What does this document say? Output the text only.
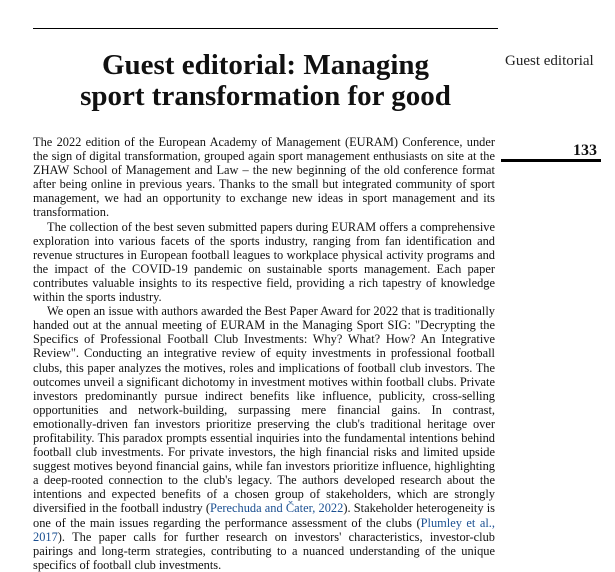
Guest editorial: Managing
sport transformation for good
Guest editorial
133

The 2022 edition of the European Academy of Management (EURAM) Conference, under the sign of digital transformation, grouped again sport management enthusiasts on site at the ZHAW School of Management and Law – the new beginning of the old conference format after being online in previous years. Thanks to the small but integrated community of sport management, we had an opportunity to exchange new ideas in sport management and its transformation.

The collection of the best seven submitted papers during EURAM offers a comprehensive exploration into various facets of the sports industry, ranging from fan identification and revenue structures in European football leagues to workplace physical activity programs and the impact of the COVID-19 pandemic on sustainable sports management. Each paper contributes valuable insights to its respective field, providing a rich tapestry of knowledge within the sports industry.

We open an issue with authors awarded the Best Paper Award for 2022 that is traditionally handed out at the annual meeting of EURAM in the Managing Sport SIG: "Decrypting the Specifics of Professional Football Club Investments: Why? What? How? An Integrative Review". Conducting an integrative review of equity investments in professional football clubs, this paper analyzes the motives, roles and implications of football club investors. The outcomes unveil a significant dichotomy in investment motives within football clubs. Private investors predominantly pursue indirect benefits like influence, publicity, cross-selling opportunities and network-building, surpassing mere financial gains. In contrast, emotionally-driven fan investors prioritize preserving the club's traditional heritage over profitability. This paradox prompts essential inquiries into the fundamental intentions behind football club investments. For private investors, the high financial risks and limited upside suggest motives beyond financial gains, while fan investors prioritize influence, highlighting a deep-rooted connection to the club's legacy. The authors developed research about the intentions and expected benefits of a chosen group of stakeholders, which are strongly diversified in the football industry (Perechuda and Čater, 2022). Stakeholder heterogeneity is one of the main issues regarding the performance assessment of the clubs (Plumley et al., 2017). The paper calls for further research on investors' characteristics, investor-club pairings and long-term strategies, contributing to a nuanced understanding of the unique specifics of football club investments.
